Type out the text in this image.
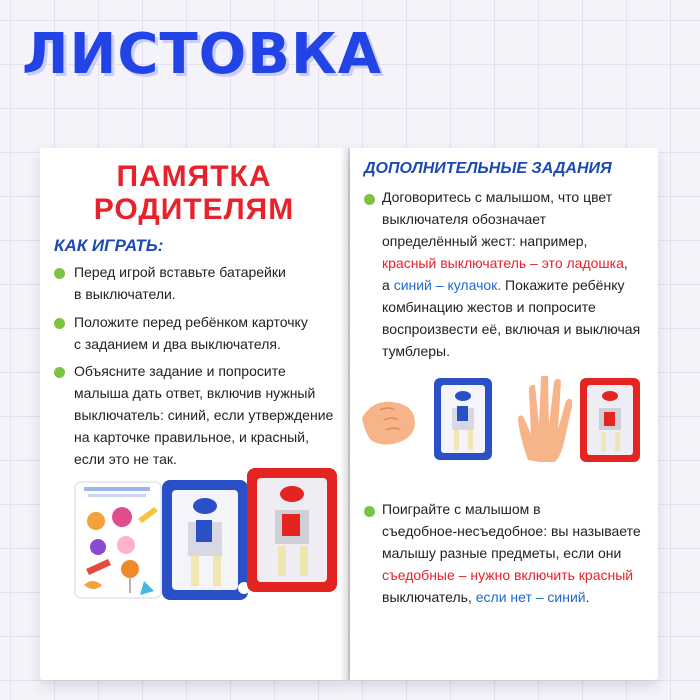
ЛИСТОВКА
ПАМЯТКА
РОДИТЕЛЯМ
КАК ИГРАТЬ:
Перед игрой вставьте батарейки
в выключатели.
Положите перед ребёнком карточку
с заданием и два выключателя.
Объясните задание и попросите
малыша дать ответ, включив нужный
выключатель: синий, если утверждение
на карточке правильное, и красный,
если это не так.
ДОПОЛНИТЕЛЬНЫЕ ЗАДАНИЯ
Договоритесь с малышом, что цвет
выключателя обозначает
определённый жест: например,
красный выключатель – это ладошка,
а синий – кулачок. Покажите ребёнку
комбинацию жестов и попросите
воспроизвести её, включая и выключая
тумблеры.
Поиграйте с малышом в
съедобное-несъедобное: вы называете
малышу разные предметы, если они
съедобные – нужно включить красный
выключатель, если нет – синий.
